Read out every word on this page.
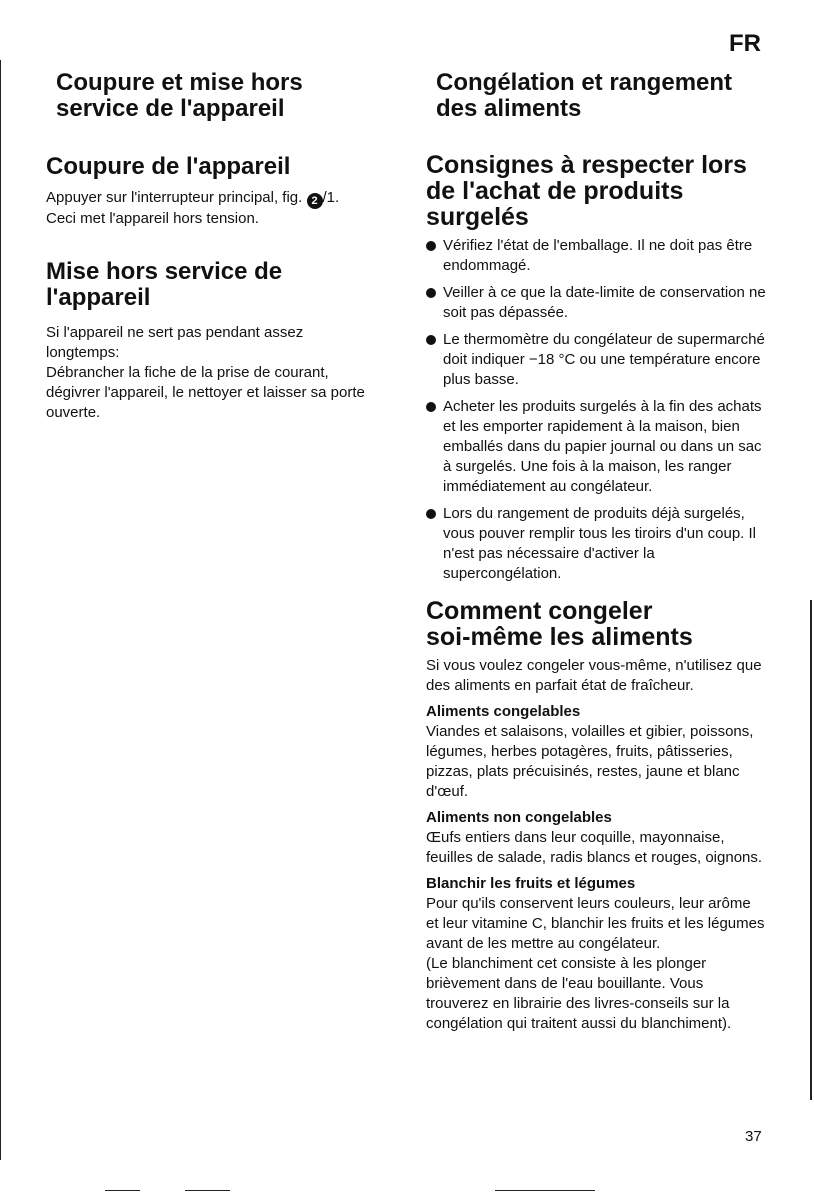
FR
Coupure et mise hors
service de l'appareil
Coupure de l'appareil
Appuyer sur l'interrupteur principal, fig. 2 /1.
Ceci met l'appareil hors tension.
Mise hors service de
l'appareil
Si l'appareil ne sert pas pendant assez longtemps:
Débrancher la fiche de la prise de courant, dégivrer l'appareil, le nettoyer et laisser sa porte ouverte.
Congélation et rangement
des aliments
Consignes à respecter lors
de l'achat de produits
surgelés
Vérifiez l'état de l'emballage. Il ne doit pas être endommagé.
Veiller à ce que la date-limite de conservation ne soit pas dépassée.
Le thermomètre du congélateur de supermarché doit indiquer −18 °C ou une température encore plus basse.
Acheter les produits surgelés à la fin des achats et les emporter rapidement à la maison, bien emballés dans du papier journal ou dans un sac à surgelés. Une fois à la maison, les ranger immédiatement au congélateur.
Lors du rangement de produits déjà surgelés, vous pouver remplir tous les tiroirs d'un coup. Il n'est pas nécessaire d'activer la supercongélation.
Comment congeler
soi-même les aliments
Si vous voulez congeler vous-même, n'utilisez que des aliments en parfait état de fraîcheur.
Aliments congelables
Viandes et salaisons, volailles et gibier, poissons, légumes, herbes potagères, fruits, pâtisseries, pizzas, plats précuisinés, restes, jaune et blanc d'œuf.
Aliments non congelables
Œufs entiers dans leur coquille, mayonnaise, feuilles de salade, radis blancs et rouges, oignons.
Blanchir les fruits et légumes
Pour qu'ils conservent leurs couleurs, leur arôme et leur vitamine C, blanchir les fruits et les légumes avant de les mettre au congélateur.
(Le blanchiment cet consiste à les plonger brièvement dans de l'eau bouillante. Vous trouverez en librairie des livres-conseils sur la congélation qui traitent aussi du blanchiment).
37
